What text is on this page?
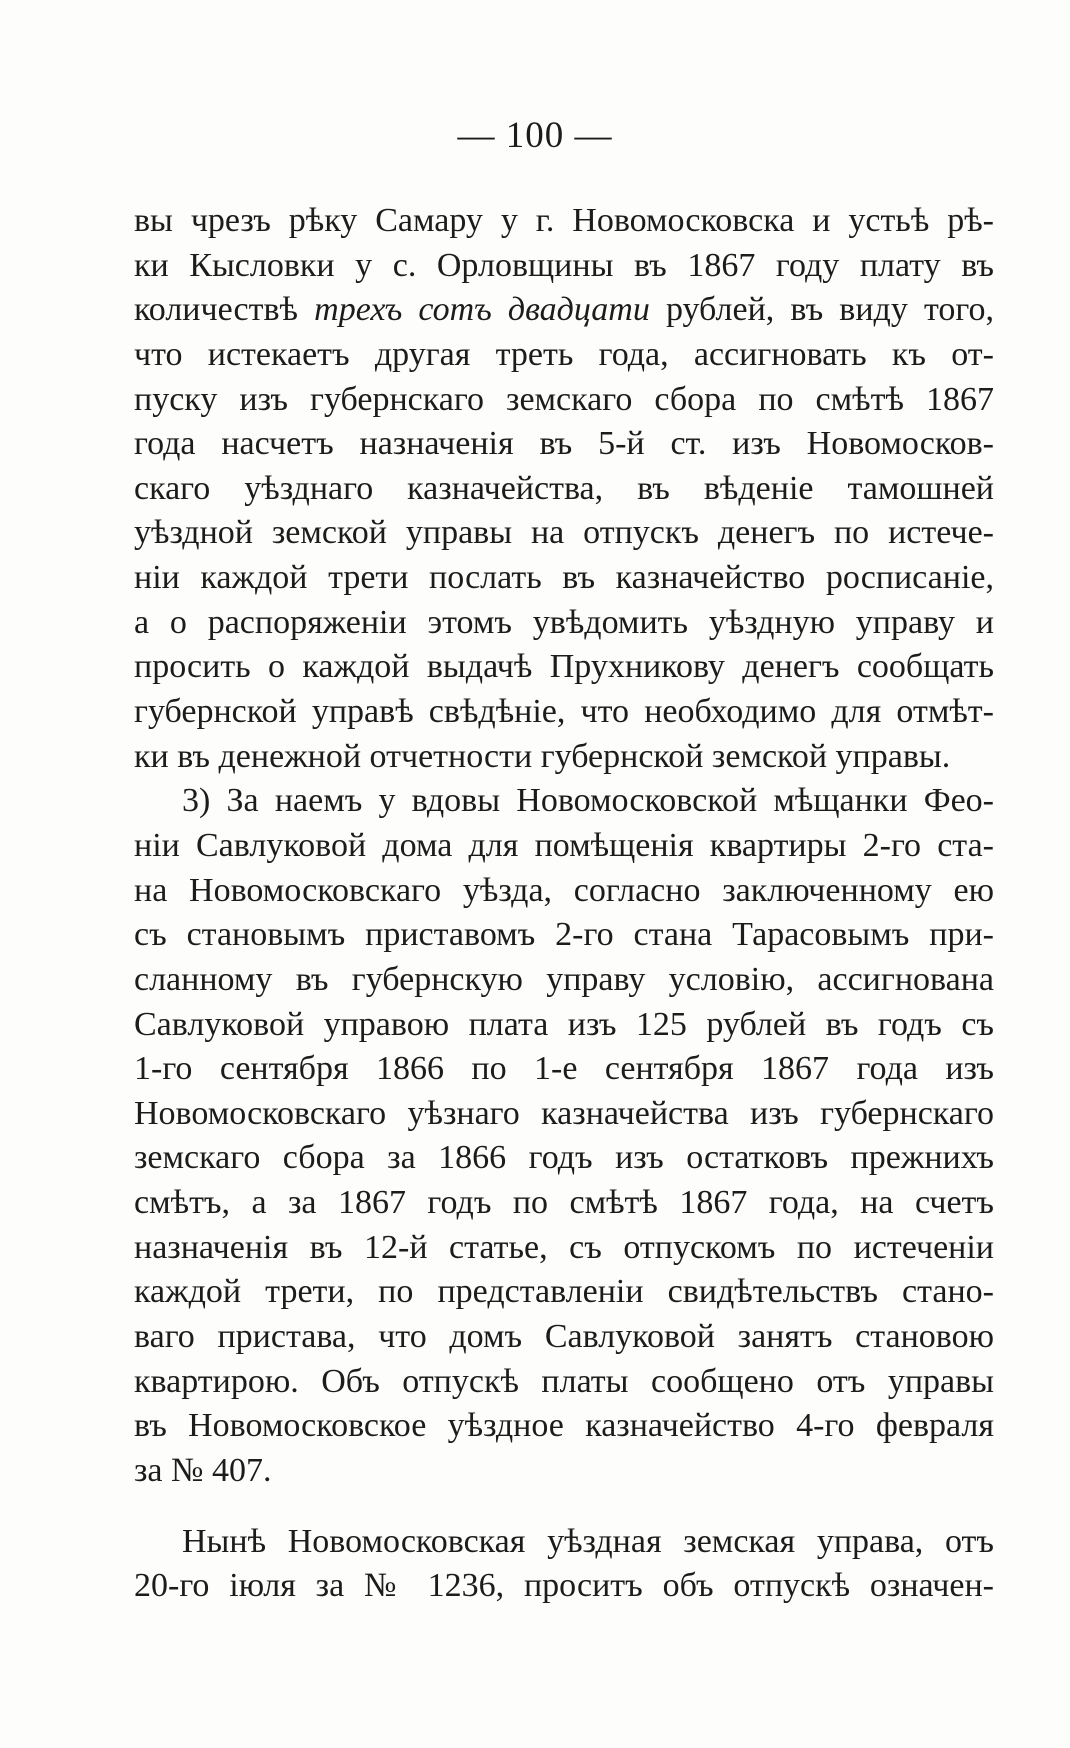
— 100 —
вы чрезъ рѣку Самару у г. Новомосковска и устьѣ рѣ-
ки Кысловки у с. Орловщины въ 1867 году плату въ
количествѣ трехъ сотъ двадцати рублей, въ виду того,
что истекаетъ другая треть года, ассигновать къ от-
пуску изъ губернскаго земскаго сбора по смѣтѣ 1867
года насчетъ назначенія въ 5-й ст. изъ Новомосков-
скаго уѣзднаго казначейства, въ вѣденіе тамошней
уѣздной земской управы на отпускъ денегъ по истече-
ніи каждой трети послать въ казначейство росписаніе,
а о распоряженіи этомъ увѣдомить уѣздную управу и
просить о каждой выдачѣ Прухникову денегъ сообщать
губернской управѣ свѣдѣніе, что необходимо для отмѣт-
ки въ денежной отчетности губернской земской управы.
3) За наемъ у вдовы Новомосковской мѣщанки Фео-
ніи Савлуковой дома для помѣщенія квартиры 2-го ста-
на Новомосковскаго уѣзда, согласно заключенному ею
съ становымъ приставомъ 2-го стана Тарасовымъ при-
сланному въ губернскую управу условію, ассигнована
Савлуковой управою плата изъ 125 рублей въ годъ съ
1-го сентября 1866 по 1-е сентября 1867 года изъ
Новомосковскаго уѣзнаго казначейства изъ губернскаго
земскаго сбора за 1866 годъ изъ остатковъ прежнихъ
смѣтъ, а за 1867 годъ по смѣтѣ 1867 года, на счетъ
назначенія въ 12-й статье, съ отпускомъ по истеченіи
каждой трети, по представленіи свидѣтельствъ стано-
ваго пристава, что домъ Савлуковой занятъ становою
квартирою. Объ отпускѣ платы сообщено отъ управы
въ Новомосковское уѣздное казначейство 4-го февраля
за № 407.
Нынѣ Новомосковская уѣздная земская управа, отъ
20-го іюля за № 1236, проситъ объ отпускѣ означен-
